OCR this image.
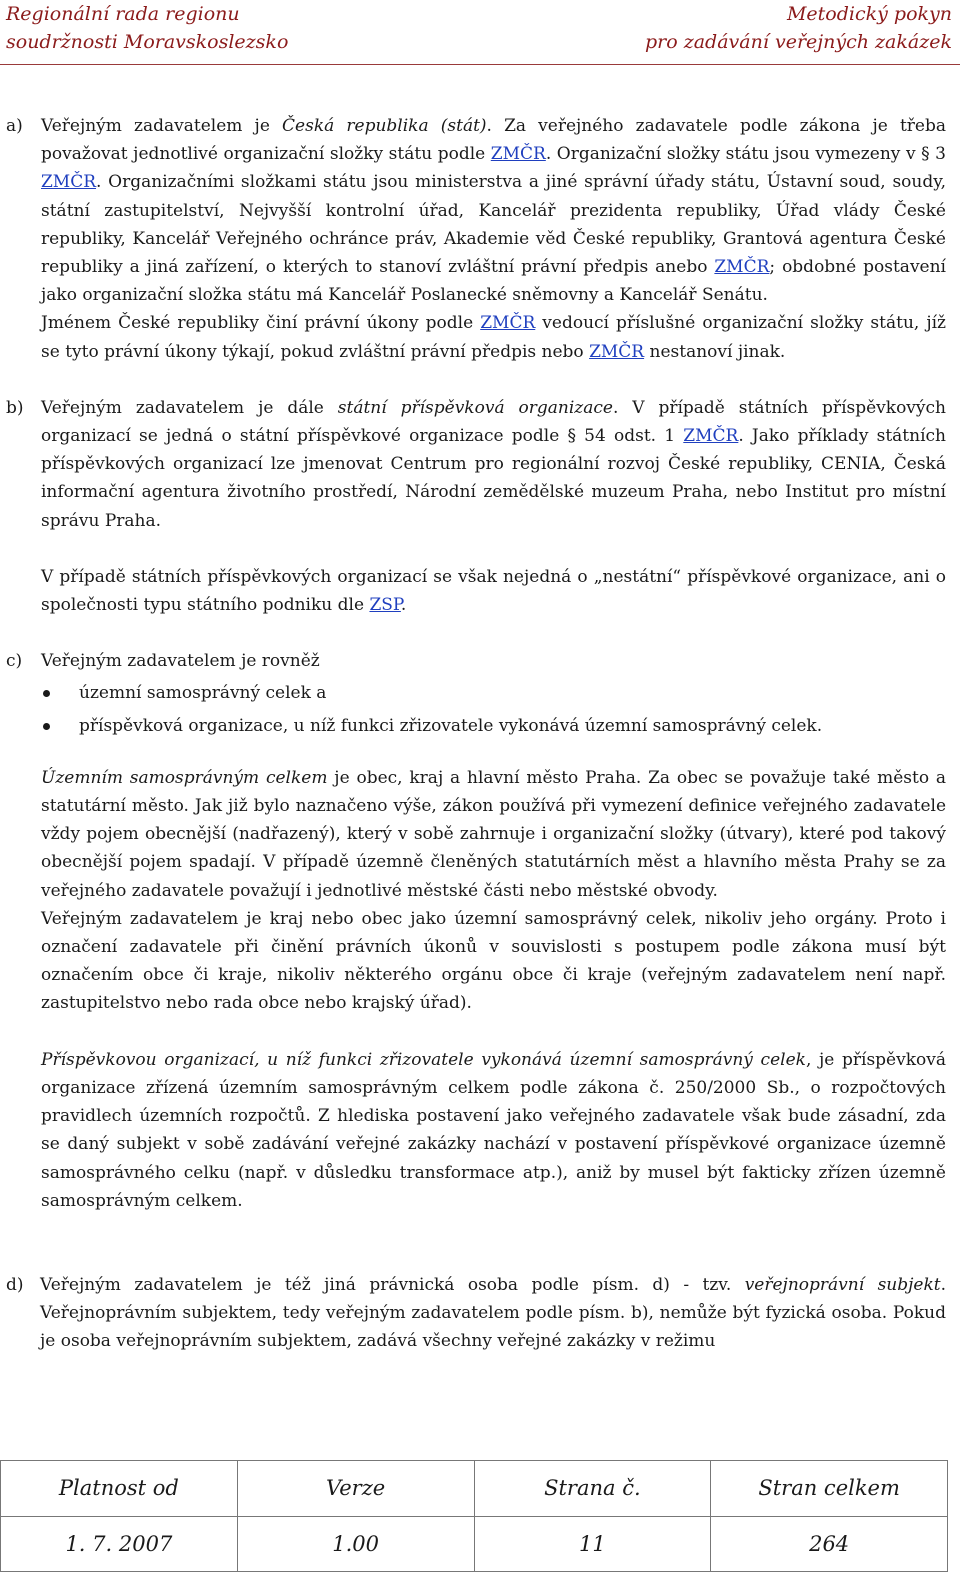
Regionální rada regionu
soudržnosti Moravskoslezsko
Metodický pokyn
pro zadávání veřejných zakázek
a) Veřejným zadavatelem je Česká republika (stát). Za veřejného zadavatele podle zákona je třeba považovat jednotlivé organizační složky státu podle ZMČR. Organizační složky státu jsou vymezeny v § 3 ZMČR. Organizačními složkami státu jsou ministerstva a jiné správní úřady státu, Ústavní soud, soudy, státní zastupitelství, Nejvyšší kontrolní úřad, Kancelář prezidenta republiky, Úřad vlády České republiky, Kancelář Veřejného ochránce práv, Akademie věd České republiky, Grantová agentura České republiky a jiná zařízení, o kterých to stanoví zvláštní právní předpis anebo ZMČR; obdobné postavení jako organizační složka státu má Kancelář Poslanecké sněmovny a Kancelář Senátu.

Jménem České republiky činí právní úkony podle ZMČR vedoucí příslušné organizační složky státu, jíž se tyto právní úkony týkají, pokud zvláštní právní předpis nebo ZMČR nestanoví jinak.

b) Veřejným zadavatelem je dále státní příspěvková organizace. V případě státních příspěvkových organizací se jedná o státní příspěvkové organizace podle § 54 odst. 1 ZMČR. Jako příklady státních příspěvkových organizací lze jmenovat Centrum pro regionální rozvoj České republiky, CENIA, Česká informační agentura životního prostředí, Národní zemědělské muzeum Praha, nebo Institut pro místní správu Praha.

V případě státních příspěvkových organizací se však nejedná o „nestátní“ příspěvkové organizace, ani o společnosti typu státního podniku dle ZSP.

c) Veřejným zadavatelem je rovněž

územní samosprávný celek a
příspěvková organizace, u níž funkci zřizovatele vykonává územní samosprávný celek.

Územním samosprávným celkem je obec, kraj a hlavní město Praha. Za obec se považuje také město a statutární město. Jak již bylo naznačeno výše, zákon používá při vymezení definice veřejného zadavatele vždy pojem obecnější (nadřazený), který v sobě zahrnuje i organizační složky (útvary), které pod takový obecnější pojem spadají. V případě územně členěných statutárních měst a hlavního města Prahy se za veřejného zadavatele považují i jednotlivé městské části nebo městské obvody.

Veřejným zadavatelem je kraj nebo obec jako územní samosprávný celek, nikoliv jeho orgány. Proto i označení zadavatele při činění právních úkonů v souvislosti s postupem podle zákona musí být označením obce či kraje, nikoliv některého orgánu obce či kraje (veřejným zadavatelem není např. zastupitelstvo nebo rada obce nebo krajský úřad).

Příspěvkovou organizací, u níž funkci zřizovatele vykonává územní samosprávný celek, je příspěvková organizace zřízená územním samosprávným celkem podle zákona č. 250/2000 Sb., o rozpočtových pravidlech územních rozpočtů. Z hlediska postavení jako veřejného zadavatele však bude zásadní, zda se daný subjekt v sobě zadávání veřejné zakázky nachází v postavení příspěvkové organizace územně samosprávného celku (např. v důsledku transformace atp.), aniž by musel být fakticky zřízen územně samosprávným celkem.

d) Veřejným zadavatelem je též jiná právnická osoba podle písm. d) - tzv. veřejnoprávní subjekt. Veřejnoprávním subjektem, tedy veřejným zadavatelem podle písm. b), nemůže být fyzická osoba. Pokud je osoba veřejnoprávním subjektem, zadává všechny veřejné zakázky v režimu

Platnost od	Verze	Strana č.	Stran celkem
1. 7. 2007	1.00	11	264
